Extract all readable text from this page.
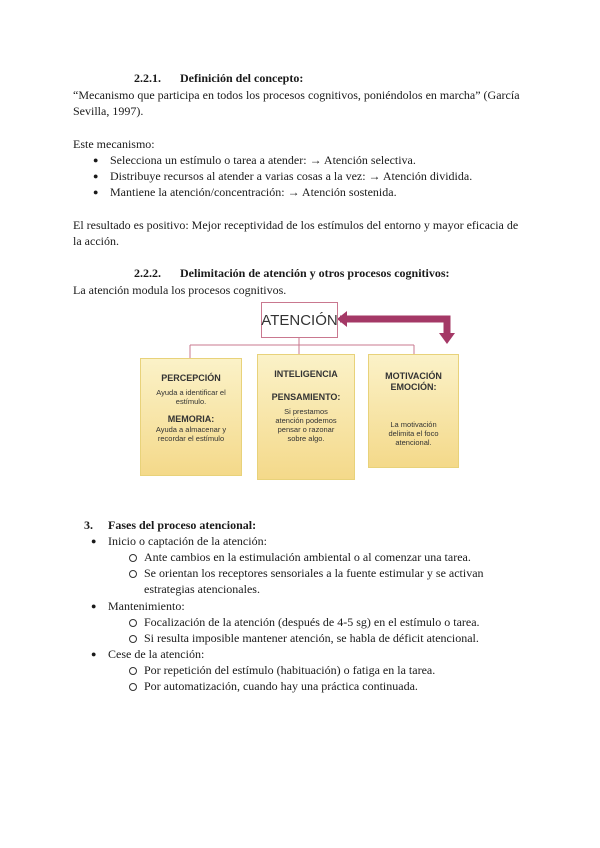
2.2.1. Definición del concepto:
“Mecanismo que participa en todos los procesos cognitivos, poniéndolos en marcha” (García
Sevilla, 1997).
Este mecanismo:
● Selecciona un estímulo o tarea a atender: → Atención selectiva.
● Distribuye recursos al atender a varias cosas a la vez: → Atención dividida.
● Mantiene la atención/concentración: → Atención sostenida.
El resultado es positivo: Mejor receptividad de los estímulos del entorno y mayor eficacia de
la acción.
2.2.2. Delimitación de atención y otros procesos cognitivos:
La atención modula los procesos cognitivos.
ATENCIÓN
PERCEPCIÓN
Ayuda a identificar el estímulo.
MEMORIA:
Ayuda a almacenar y recordar el estímulo
INTELIGENCIA
PENSAMIENTO:
Si prestamos atención podemos pensar o razonar sobre algo.
MOTIVACIÓN
EMOCIÓN:
La motivación delimita el foco atencional.
3. Fases del proceso atencional:
● Inicio o captación de la atención:
Ante cambios en la estimulación ambiental o al comenzar una tarea.
Se orientan los receptores sensoriales a la fuente estimular y se activan
estrategias atencionales.
● Mantenimiento:
Focalización de la atención (después de 4-5 sg) en el estímulo o tarea.
Si resulta imposible mantener atención, se habla de déficit atencional.
● Cese de la atención:
Por repetición del estímulo (habituación) o fatiga en la tarea.
Por automatización, cuando hay una práctica continuada.
